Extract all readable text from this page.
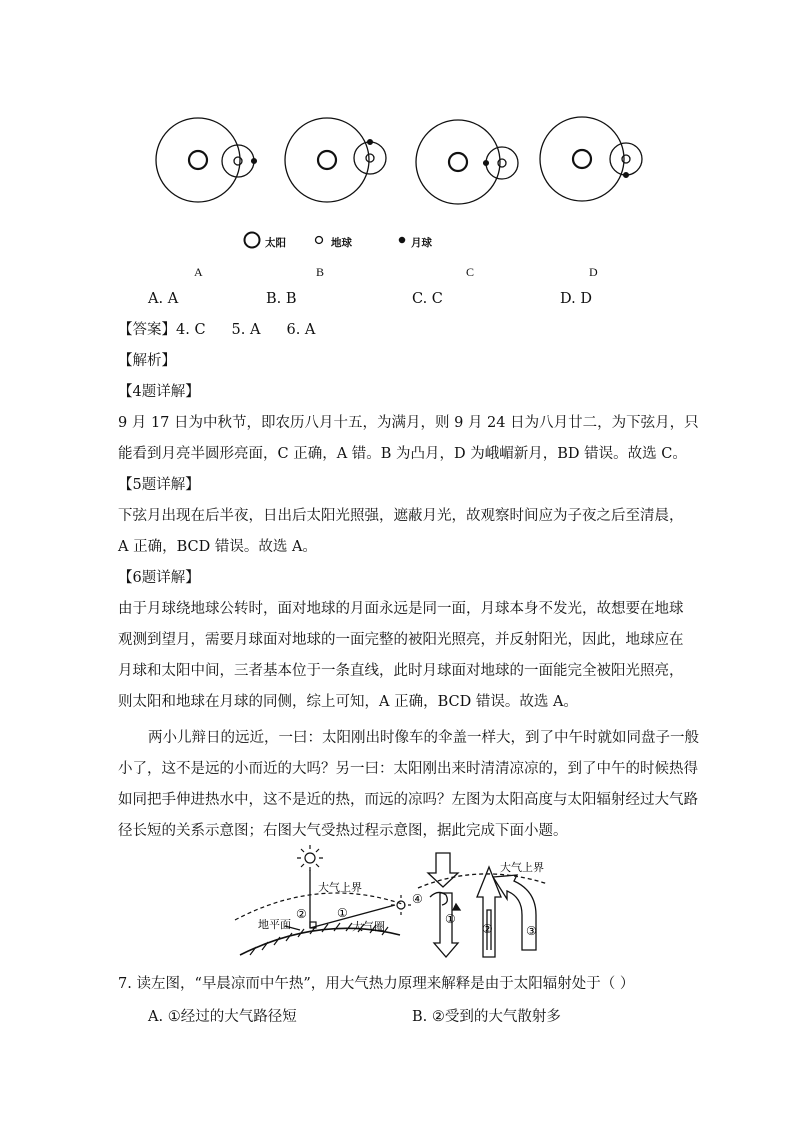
太阳	地球	月球
A	B	C	D
A. A	B. B	C. C	D. D
【答案】4. C 5. A 6. A
【解析】
【4题详解】
9 月 17 日为中秋节，即农历八月十五，为满月，则 9 月 24 日为八月廿二，为下弦月，只
能看到月亮半圆形亮面，C 正确，A 错。B 为凸月，D 为峨嵋新月，BD 错误。故选 C。
【5题详解】
下弦月出现在后半夜，日出后太阳光照强，遮蔽月光，故观察时间应为子夜之后至清晨，
A 正确，BCD 错误。故选 A。
【6题详解】
由于月球绕地球公转时，面对地球的月面永远是同一面，月球本身不发光，故想要在地球
观测到望月，需要月球面对地球的一面完整的被阳光照亮，并反射阳光，因此，地球应在
月球和太阳中间，三者基本位于一条直线，此时月球面对地球的一面能完全被阳光照亮，
则太阳和地球在月球的同侧，综上可知，A 正确，BCD 错误。故选 A。
两小儿辩日的远近，一曰：太阳刚出时像车的伞盖一样大，到了中午时就如同盘子一般
小了，这不是远的小而近的大吗？另一曰：太阳刚出来时清清凉凉的，到了中午的时候热得
如同把手伸进热水中，这不是近的热，而远的凉吗？左图为太阳高度与太阳辐射经过大气路
径长短的关系示意图；右图大气受热过程示意图，据此完成下面小题。
大气上界
②	①
地平面	大气圈
大气上界
④
①
②	③
7. 读左图，“早晨凉而中午热”，用大气热力原理来解释是由于太阳辐射处于（ ）
A. ①经过的大气路径短	B. ②受到的大气散射多
